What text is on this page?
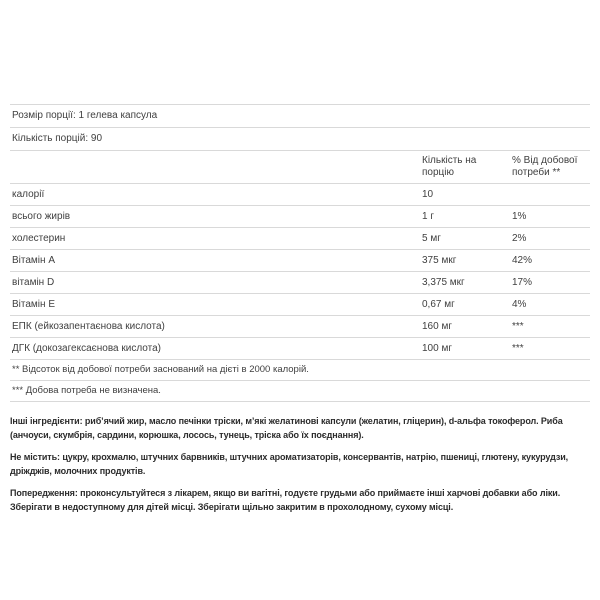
Розмір порції: 1 гелева капсула		
Кількість порцій: 90		
	Кількість на порцію	% Від добової потреби **
калорії	10	
всього жирів	1 г	1%
холестерин	5 мг	2%
Вітамін A	375 мкг	42%
вітамін D	3,375 мкг	17%
Вітамін E	0,67 мг	4%
ЕПК (ейкозапентаєнова кислота)	160 мг	***
ДГК (докозагексаєнова кислота)	100 мг	***
** Відсоток від добової потреби заснований на дієті в 2000 калорій.		
*** Добова потреба не визначена.		

Інші інгредієнти: риб’ячий жир, масло печінки тріски, м’які желатинові капсули (желатин, гліцерин), d-альфа токоферол. Риба (анчоуси, скумбрія, сардини, корюшка, лосось, тунець, тріска або їх поєднання).

Не містить: цукру, крохмалю, штучних барвників, штучних ароматизаторів, консервантів, натрію, пшениці, глютену, кукурудзи, дріжджів, молочних продуктів.

Попередження: проконсультуйтеся з лікарем, якщо ви вагітні, годуєте грудьми або приймаєте інші харчові добавки або ліки. Зберігати в недоступному для дітей місці. Зберігати щільно закритим в прохолодному, сухому місці.
